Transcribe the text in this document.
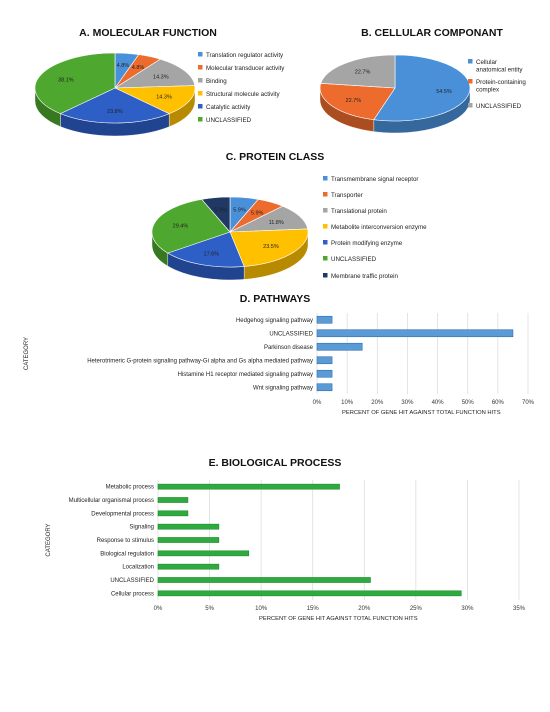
A. MOLECULAR FUNCTION
4.8% 4.8%
14.3%
14.3%
23.8%
38.1%
Translation regulator activity
Molecular transducer activity
Binding
Structural molecule activity
Catalytic activity
UNCLASSIFIED
B. CELLULAR COMPONANT
54.5%
22.7%
22.7%
Cellular anatomical entity
Protein-containing complex
UNCLASSIFIED
C. PROTEIN CLASS
5.9%
5.9%
11.8%
23.5%
17.6%
29.4%
5.9%
Transmembrane signal receptor
Transporter
Translational protein
Metabolite interconversion enzyme
Protein modifying enzyme
UNCLASSIFIED
Membrane traffic protein
D. PATHWAYS
0%	10%	20%	30%	40%	50%	60%	70%
Hedgehog signaling pathway
UNCLASSIFIED
Parkinson disease
Heterotrimeric G-protein signaling pathway-Gi alpha and Gs alpha mediated pathway
Histamine H1 receptor mediated signaling pathway
Wnt signaling pathway
PERCENT OF GENE HIT AGAINST TOTAL FUNCTION HITS
CATEGORY
E. BIOLOGICAL PROCESS
0%	5%	10%	15%	20%	25%	30%	35%
Metabolic process
Multicellular organismal process
Developmental process
Signaling
Response to stimulus
Biological regulation
Localization
UNCLASSIFIED
Cellular process
PERCENT OF GENE HIT AGAINST TOTAL FUNCTION HITS
CATEGORY
